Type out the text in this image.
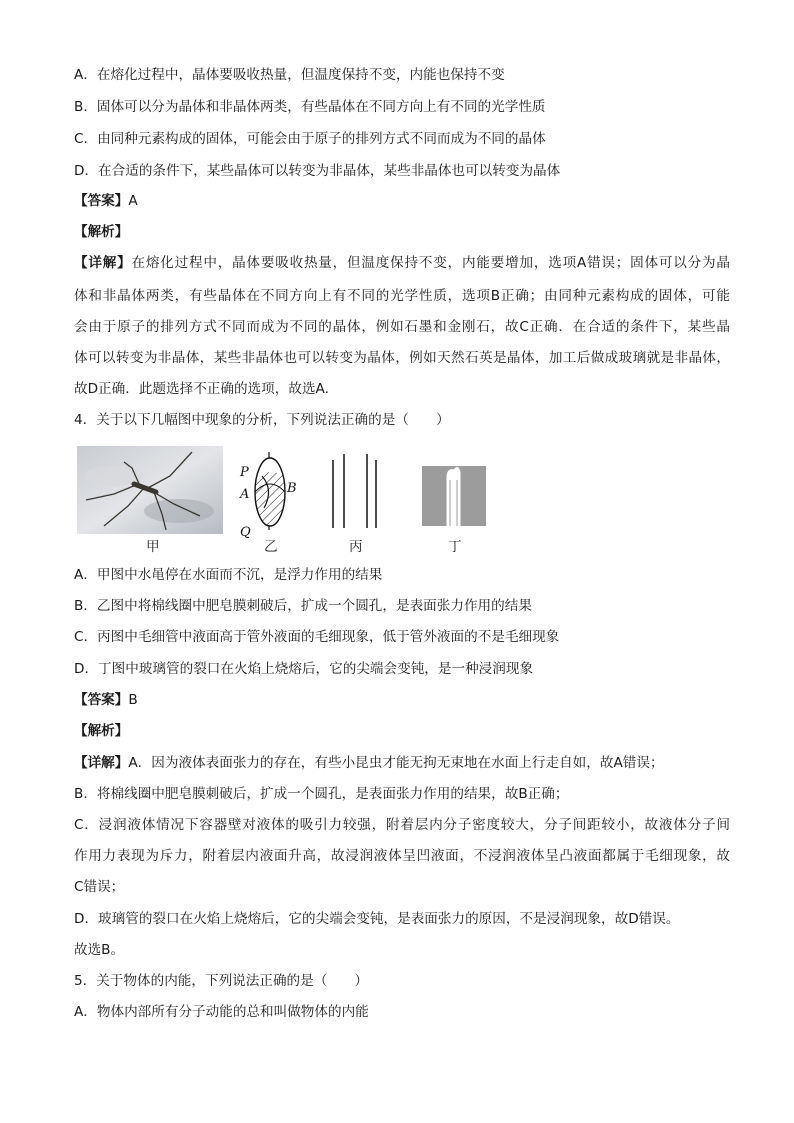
A．在熔化过程中，晶体要吸收热量，但温度保持不变，内能也保持不变
B．固体可以分为晶体和非晶体两类，有些晶体在不同方向上有不同的光学性质
C．由同种元素构成的固体，可能会由于原子的排列方式不同而成为不同的晶体
D．在合适的条件下，某些晶体可以转变为非晶体，某些非晶体也可以转变为晶体
【答案】A
【解析】
【详解】在熔化过程中，晶体要吸收热量，但温度保持不变，内能要增加，选项A错误；固体可以分为晶
体和非晶体两类，有些晶体在不同方向上有不同的光学性质，选项B正确；由同种元素构成的固体，可能
会由于原子的排列方式不同而成为不同的晶体，例如石墨和金刚石，故C正确．在合适的条件下，某些晶
体可以转变为非晶体，某些非晶体也可以转变为晶体，例如天然石英是晶体，加工后做成玻璃就是非晶体，
故D正确．此题选择不正确的选项，故选A.
4．关于以下几幅图中现象的分析，下列说法正确的是（　　）
P
A	B
Q
甲	乙	丙	丁
A．甲图中水黾停在水面而不沉，是浮力作用的结果
B．乙图中将棉线圈中肥皂膜刺破后，扩成一个圆孔，是表面张力作用的结果
C．丙图中毛细管中液面高于管外液面的毛细现象，低于管外液面的不是毛细现象
D．丁图中玻璃管的裂口在火焰上烧熔后，它的尖端会变钝，是一种浸润现象
【答案】B
【解析】
【详解】A．因为液体表面张力的存在，有些小昆虫才能无拘无束地在水面上行走自如，故A错误；
B．将棉线圈中肥皂膜刺破后，扩成一个圆孔，是表面张力作用的结果，故B正确；
C．浸润液体情况下容器壁对液体的吸引力较强，附着层内分子密度较大，分子间距较小，故液体分子间
作用力表现为斥力，附着层内液面升高，故浸润液体呈凹液面，不浸润液体呈凸液面都属于毛细现象，故
C错误；
D．玻璃管的裂口在火焰上烧熔后，它的尖端会变钝，是表面张力的原因，不是浸润现象，故D错误。
故选B。
5．关于物体的内能，下列说法正确的是（　　）
A．物体内部所有分子动能的总和叫做物体的内能
